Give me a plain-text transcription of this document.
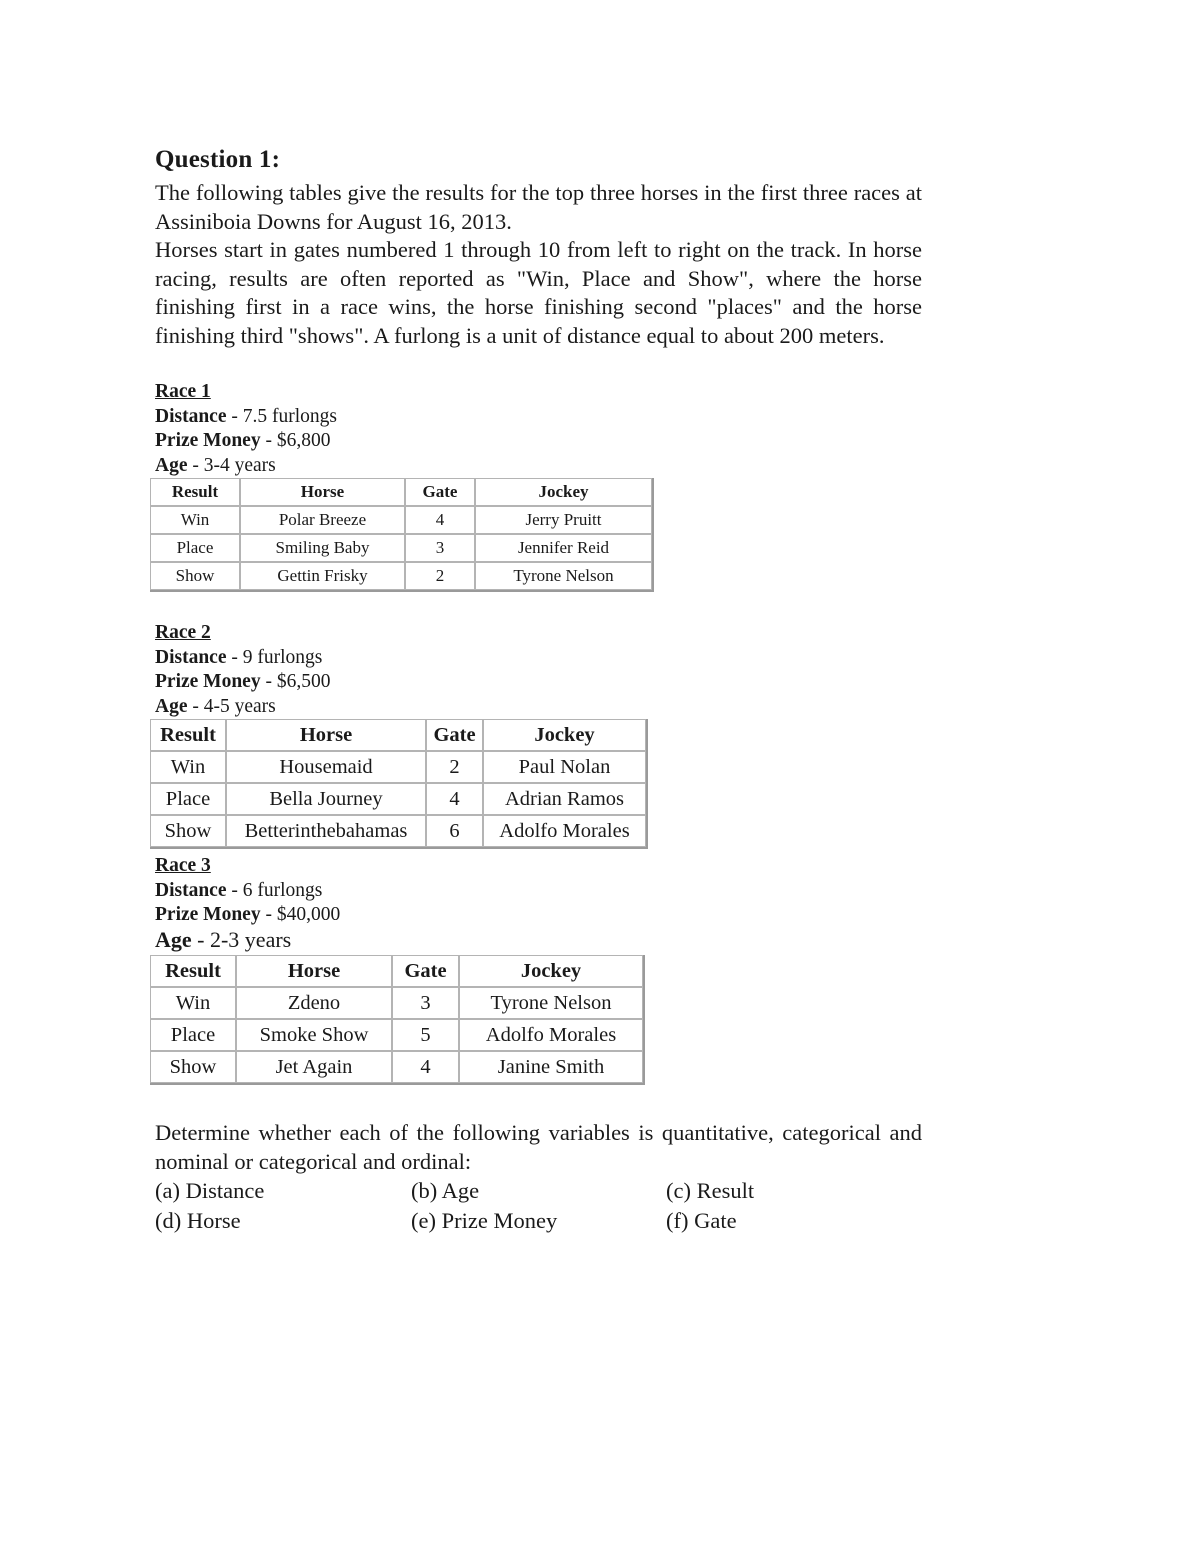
Question 1:

The following tables give the results for the top three horses in the first three races at Assiniboia Downs for August 16, 2013.

Horses start in gates numbered 1 through 10 from left to right on the track. In horse racing, results are often reported as "Win, Place and Show", where the horse finishing first in a race wins, the horse finishing second "places" and the horse finishing third "shows". A furlong is a unit of distance equal to about 200 meters.

Race 1
Distance - 7.5 furlongs
Prize Money - $6,800
Age - 3-4 years
Result	Horse	Gate	Jockey
Win	Polar Breeze	4	Jerry Pruitt
Place	Smiling Baby	3	Jennifer Reid
Show	Gettin Frisky	2	Tyrone Nelson
Race 2
Distance - 9 furlongs
Prize Money - $6,500
Age - 4-5 years
Result	Horse	Gate	Jockey
Win	Housemaid	2	Paul Nolan
Place	Bella Journey	4	Adrian Ramos
Show	Betterinthebahamas	6	Adolfo Morales
Race 3
Distance - 6 furlongs
Prize Money - $40,000
Age - 2-3 years
Result	Horse	Gate	Jockey
Win	Zdeno	3	Tyrone Nelson
Place	Smoke Show	5	Adolfo Morales
Show	Jet Again	4	Janine Smith

Determine whether each of the following variables is quantitative, categorical and nominal or categorical and ordinal:

(a) Distance	(b) Age	(c) Result
(d) Horse	(e) Prize Money	(f) Gate
